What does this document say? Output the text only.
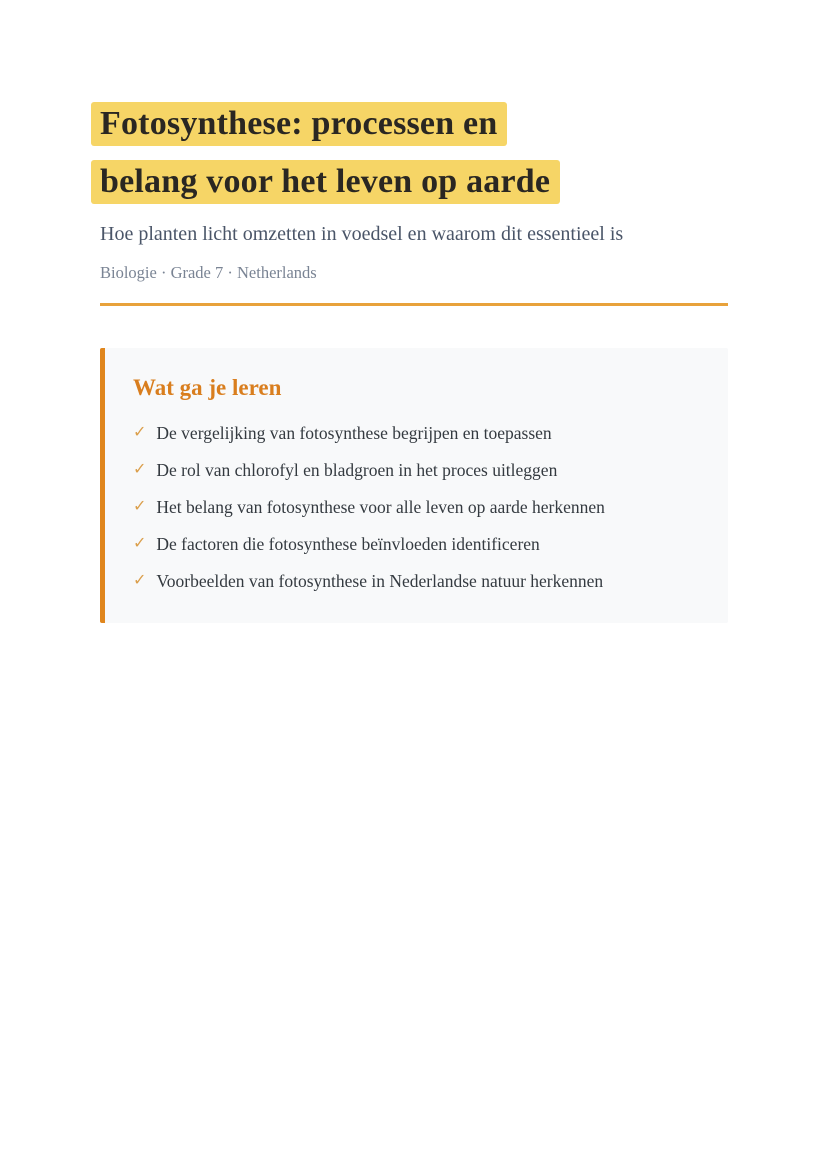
Fotosynthese: processen en
belang voor het leven op aarde

Hoe planten licht omzetten in voedsel en waarom dit essentieel is

Biologie · Grade 7 · Netherlands

Wat ga je leren
✓ De vergelijking van fotosynthese begrijpen en toepassen
✓ De rol van chlorofyl en bladgroen in het proces uitleggen
✓ Het belang van fotosynthese voor alle leven op aarde herkennen
✓ De factoren die fotosynthese beïnvloeden identificeren
✓ Voorbeelden van fotosynthese in Nederlandse natuur herkennen
